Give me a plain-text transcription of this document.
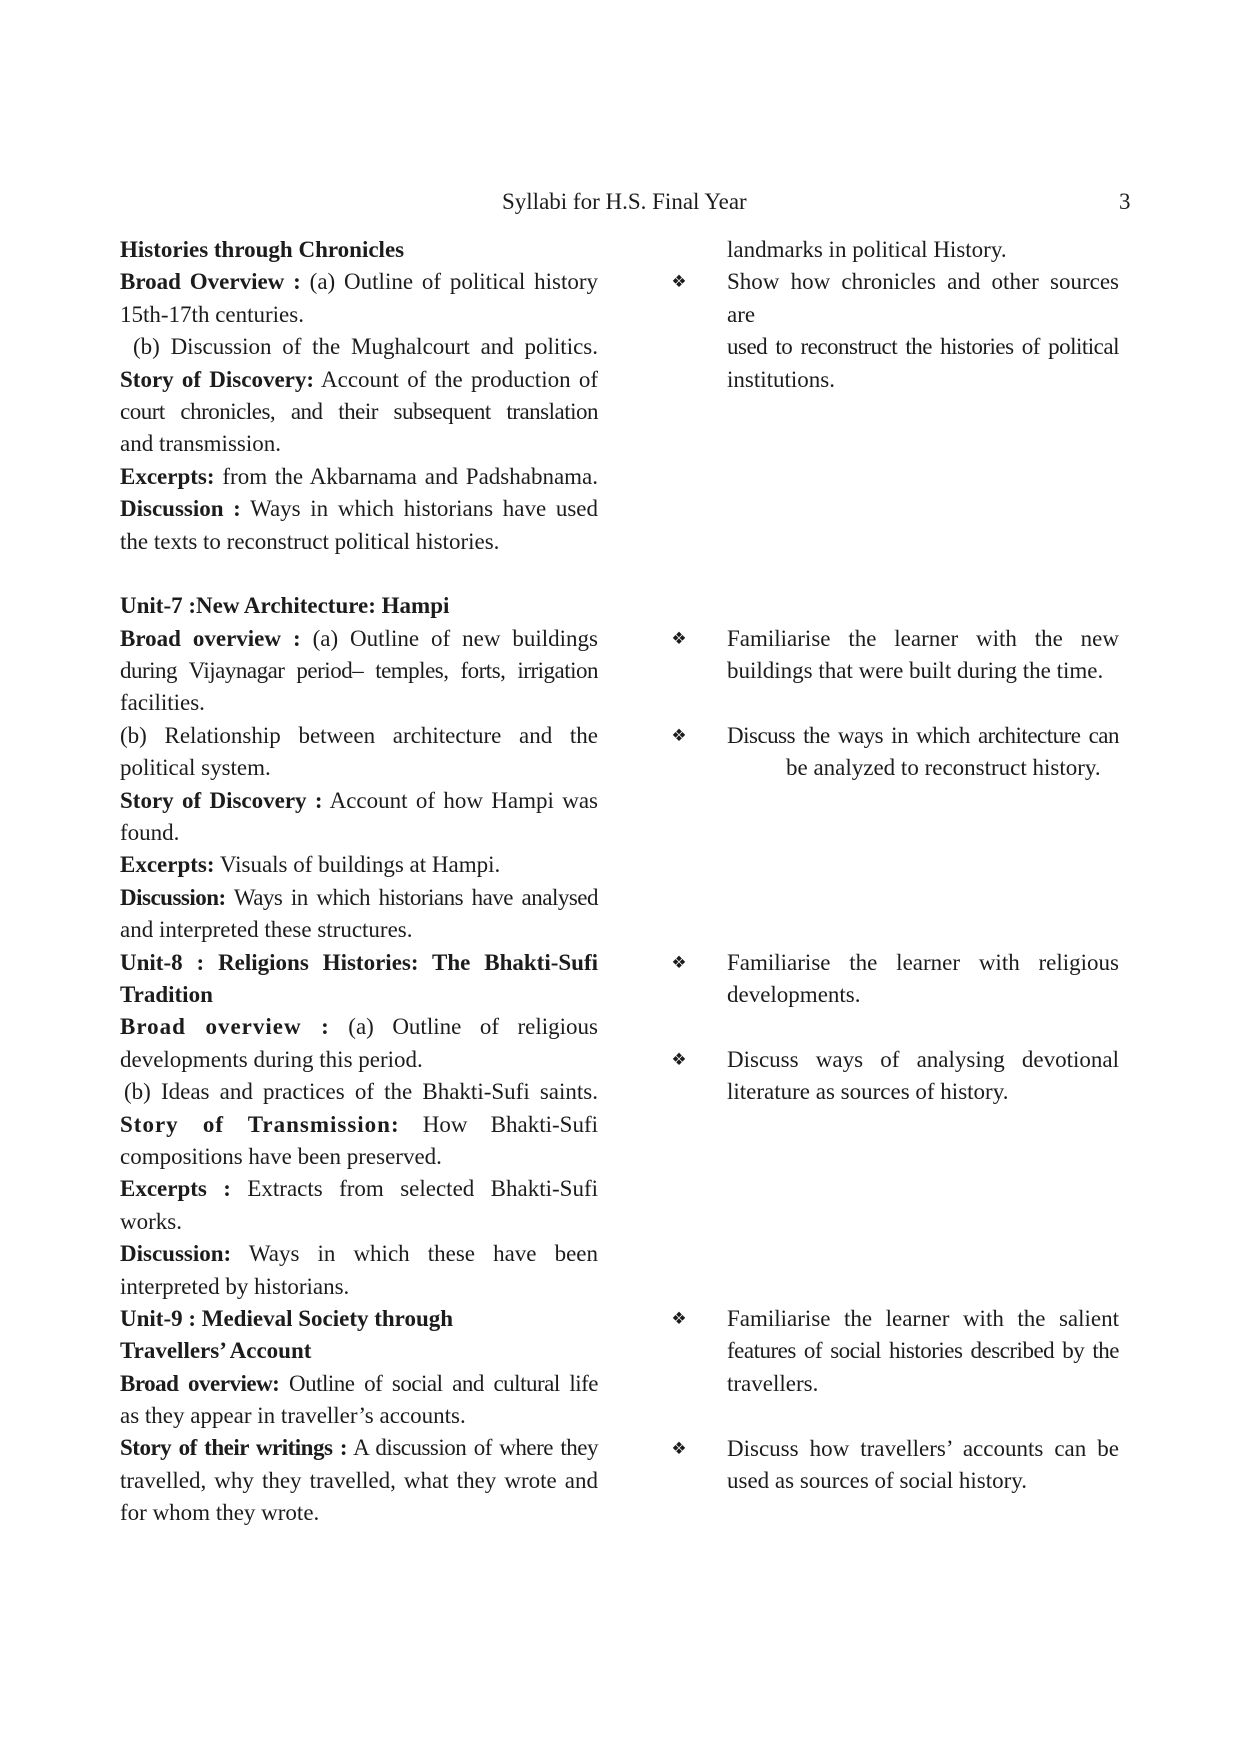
Syllabi for H.S. Final Year	3
Histories through Chronicles
Broad Overview : (a) Outline of political history
15th-17th centuries.
(b) Discussion of the Mughalcourt and politics.
Story of Discovery: Account of the production of
court chronicles, and their subsequent translation
and transmission.
Excerpts: from the Akbarnama and Padshabnama.
Discussion : Ways in which historians have used
the texts to reconstruct political histories.
Unit-7 :New Architecture: Hampi
Broad overview : (a) Outline of new buildings
during Vijaynagar period– temples, forts, irrigation
facilities.
(b) Relationship between architecture and the
political system.
Story of Discovery : Account of how Hampi was
found.
Excerpts: Visuals of buildings at Hampi.
Discussion: Ways in which historians have analysed
and interpreted these structures.
Unit-8 : Religions Histories: The Bhakti-Sufi
Tradition
Broad overview : (a) Outline of religious
developments during this period.
(b) Ideas and practices of the Bhakti-Sufi saints.
Story of Transmission: How Bhakti-Sufi
compositions have been preserved.
Excerpts : Extracts from selected Bhakti-Sufi
works.
Discussion: Ways in which these have been
interpreted by historians.
Unit-9 : Medieval Society through
Travellers’ Account
Broad overview: Outline of social and cultural life
as they appear in traveller’s accounts.
Story of their writings : A discussion of where they
travelled, why they travelled, what they wrote and
for whom they wrote.
landmarks in political History.
❖ Show how chronicles and other sources
are
used to reconstruct the histories of political
institutions.
❖ Familiarise the learner with the new
buildings that were built during the time.
❖ Discuss the ways in which architecture can
be analyzed to reconstruct history.
❖ Familiarise the learner with religious
developments.
❖ Discuss ways of analysing devotional
literature as sources of history.
❖ Familiarise the learner with the salient
features of social histories described by the
travellers.
❖ Discuss how travellers’ accounts can be
used as sources of social history.
